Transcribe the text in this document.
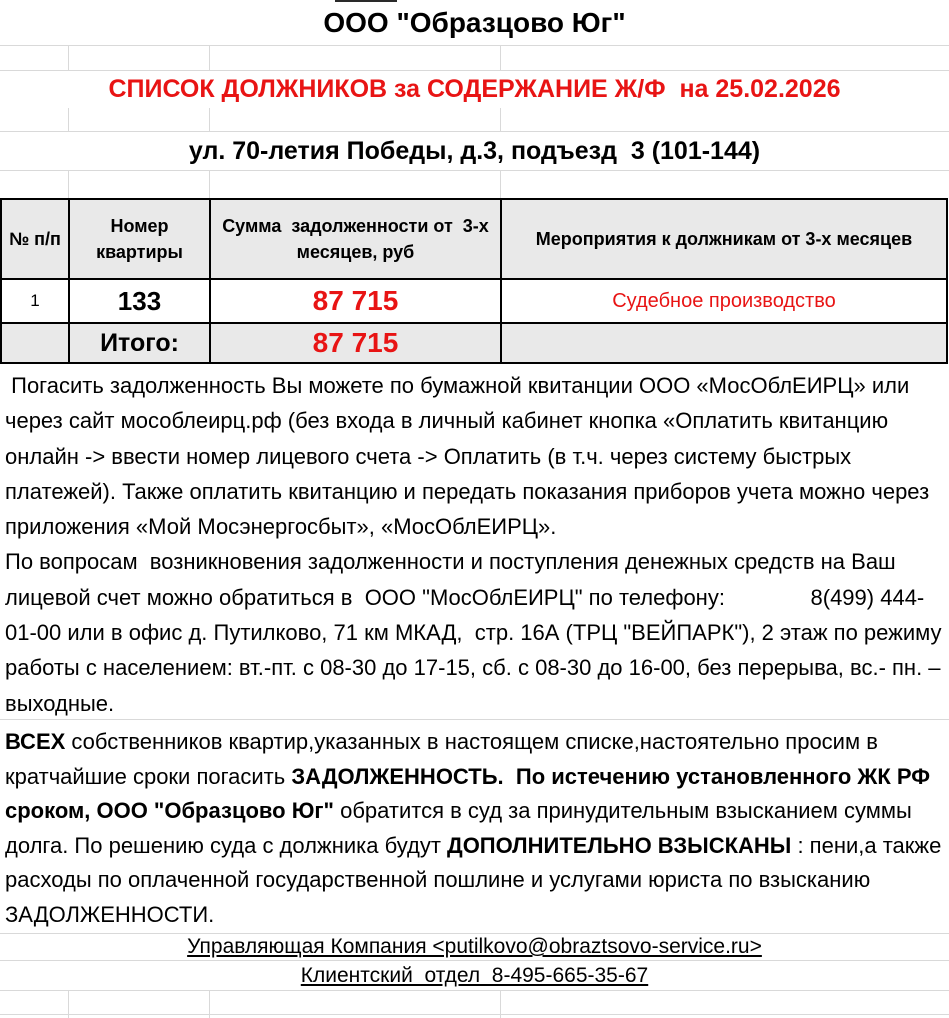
ООО "Образцово Юг"
СПИСОК ДОЛЖНИКОВ за СОДЕРЖАНИЕ Ж/Ф  на 25.02.2026
ул. 70-летия Победы, д.3, подъезд  3 (101-144)
№ п/п	Номер квартиры	Сумма  задолженности от  3-х месяцев, руб	Мероприятия к должникам от 3-х месяцев
1	133	87 715	Судебное производство
	Итого:	87 715	

Погасить задолженность Вы можете по бумажной квитанции ООО «МосОблЕИРЦ» или через сайт мособлеирц.рф (без входа в личный кабинет кнопка «Оплатить квитанцию онлайн -> ввести номер лицевого счета -> Оплатить (в т.ч. через систему быстрых платежей). Также оплатить квитанцию и передать показания приборов учета можно через приложения «Мой Мосэнергосбыт», «МосОблЕИРЦ».

По вопросам  возникновения задолженности и поступления денежных средств на Ваш лицевой счет можно обратиться в  ООО "МосОблЕИРЦ" по телефону:              8(499) 444-01-00 или в офис д. Путилково, 71 км МКАД,  стр. 16А (ТРЦ "ВЕЙПАРК"), 2 этаж по режиму работы с населением: вт.-пт. с 08-30 до 17-15, сб. с 08-30 до 16-00, без перерыва, вс.- пн. – выходные.

ВСЕХ собственников квартир,указанных в настоящем списке,настоятельно просим в кратчайшие сроки погасить ЗАДОЛЖЕННОСТЬ. По истечению установленного ЖК РФ сроком, ООО "Образцово Юг" обратится в суд за принудительным взысканием суммы долга. По решению суда с должника будут ДОПОЛНИТЕЛЬНО ВЗЫСКАНЫ : пени,а также расходы по оплаченной государственной пошлине и услугами юриста по взысканию ЗАДОЛЖЕННОСТИ.
Управляющая Компания <putilkovo@obraztsovo-service.ru>
Клиентский  отдел  8-495-665-35-67
